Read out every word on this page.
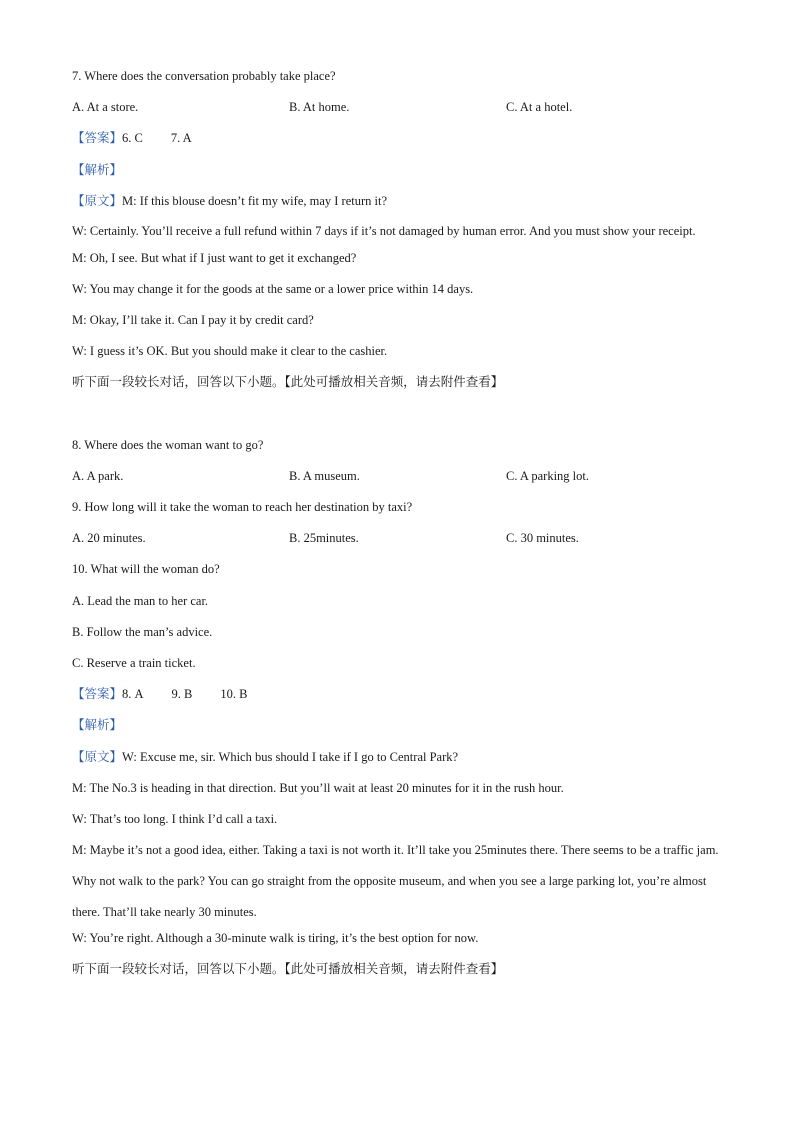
7. Where does the conversation probably take place?
A. At a store.	B. At home.	C. At a hotel.
【答案】6. C 7. A
【解析】
【原文】M: If this blouse doesn’t fit my wife, may I return it?
W: Certainly. You’ll receive a full refund within 7 days if it’s not damaged by human error. And you must show your receipt.
M: Oh, I see. But what if I just want to get it exchanged?
W: You may change it for the goods at the same or a lower price within 14 days.
M: Okay, I’ll take it. Can I pay it by credit card?
W: I guess it’s OK. But you should make it clear to the cashier.
听下面一段较长对话，回答以下小题。【此处可播放相关音频，请去附件查看】
8. Where does the woman want to go?
A. A park.	B. A museum.	C. A parking lot.
9. How long will it take the woman to reach her destination by taxi?
A. 20 minutes.	B. 25minutes.	C. 30 minutes.
10. What will the woman do?
A. Lead the man to her car.
B. Follow the man’s advice.
C. Reserve a train ticket.
【答案】8. A 9. B 10. B
【解析】
【原文】W: Excuse me, sir. Which bus should I take if I go to Central Park?
M: The No.3 is heading in that direction. But you’ll wait at least 20 minutes for it in the rush hour.
W: That’s too long. I think I’d call a taxi.
M: Maybe it’s not a good idea, either. Taking a taxi is not worth it. It’ll take you 25minutes there. There seems to be a traffic jam. Why not walk to the park? You can go straight from the opposite museum, and when you see a large parking lot, you’re almost there. That’ll take nearly 30 minutes.
W: You’re right. Although a 30-minute walk is tiring, it’s the best option for now.
听下面一段较长对话，回答以下小题。【此处可播放相关音频，请去附件查看】
